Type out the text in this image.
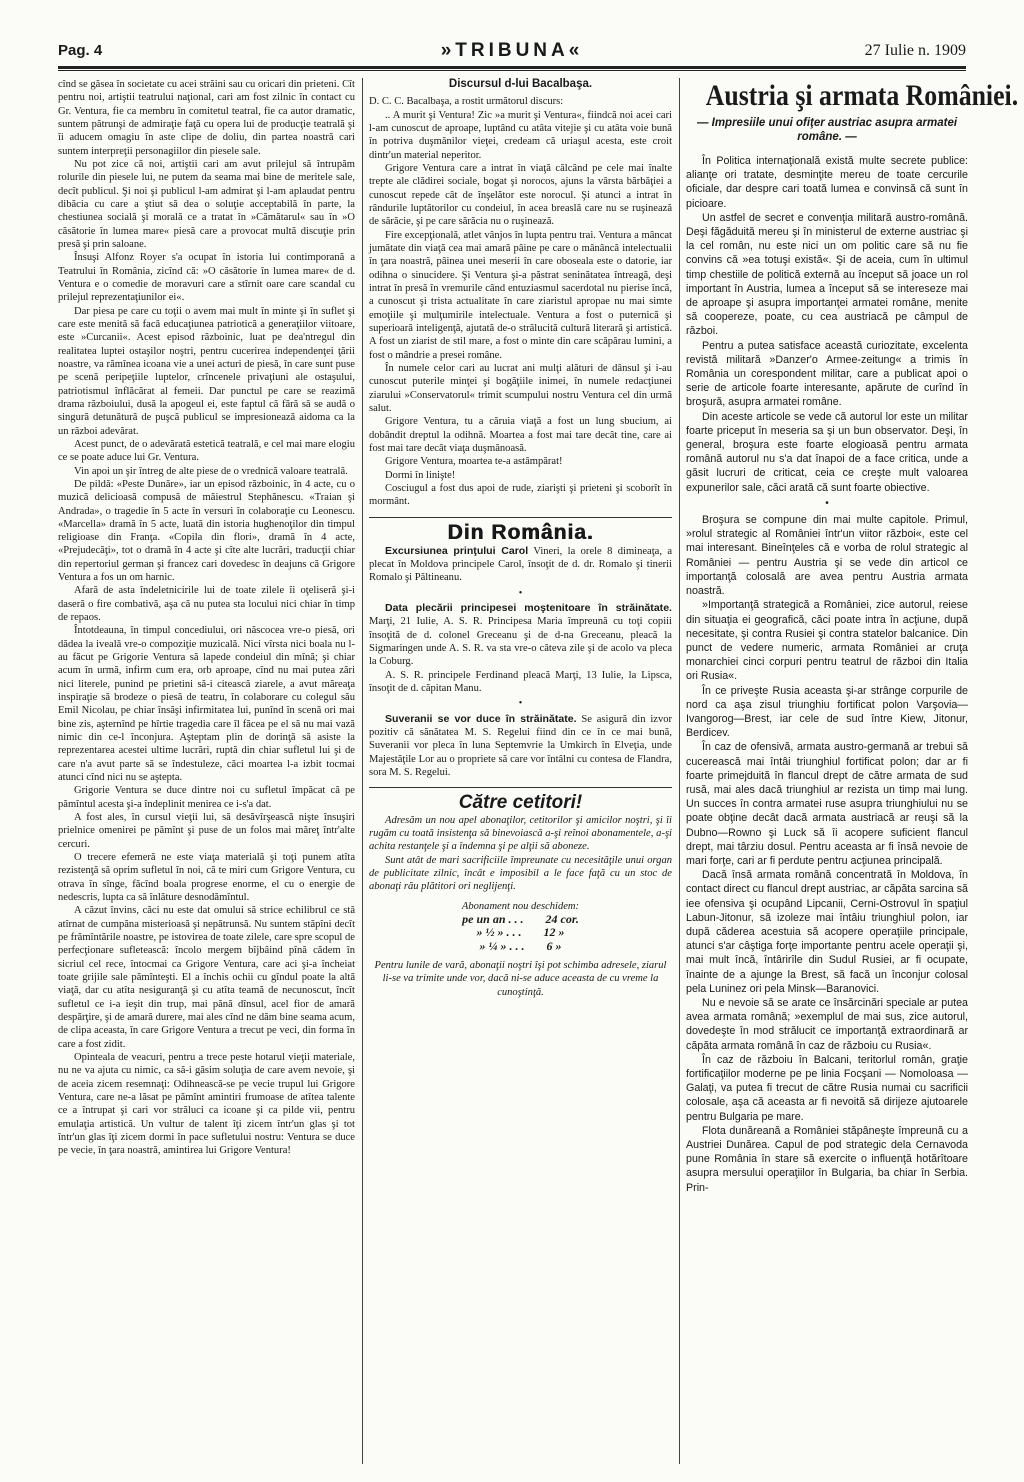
Pag. 4	»TRIBUNA«	27 Iulie n. 1909

cînd se găsea în societate cu acei străini sau cu oricari din prieteni. Cît pentru noi, artiştii teatrului naţional, cari am fost zilnic în contact cu Gr. Ventura, fie ca membru în comitetul teatral, fie ca autor dramatic, suntem pătrunşi de admiraţie faţă cu opera lui de producţie teatrală şi îi aducem omagiu în aste clipe de doliu, din partea noastră cari suntem interpreţii personagiilor din piesele sale.

Nu pot zice că noi, artiştii cari am avut prilejul să întrupăm rolurile din piesele lui, ne putem da seama mai bine de meritele sale, decît publicul. Şi noi şi publicul l-am admirat şi l-am aplaudat pentru dibăcia cu care a ştiut să dea o soluţie acceptabilă în parte, la chestiunea socială şi morală ce a tratat în »Cămătarul« sau în »O căsătorie în lumea mare« piesă care a provocat multă discuţie prin presă şi prin saloane.

Însuşi Alfonz Royer s'a ocupat în istoria lui contimporană a Teatrului în România, zicînd că: »O căsătorie în lumea mare« de d. Ventura e o comedie de moravuri care a stîrnit oare care scandal cu prilejul reprezentaţiunilor ei«.

Dar piesa pe care cu toţii o avem mai mult în minte şi în suflet şi care este menită să facă educaţiunea patriotică a generaţiilor viitoare, este »Curcanii«. Acest episod războinic, luat pe dea'ntregul din realitatea luptei ostaşilor noştri, pentru cucerirea independenţei ţării noastre, va rămînea icoana vie a unei acturi de piesă, în care sunt puse pe scenă peripeţiile luptelor, crîncenele privaţiuni ale ostaşului, patriotismul înflăcărat al femeii. Dar punctul pe care se reazimă drama războiului, dusă la apogeul ei, este faptul că fără să se audă o singură detunătură de puşcă publicul se impresionează aidoma ca la un război adevărat.

Acest punct, de o adevărată estetică teatrală, e cel mai mare elogiu ce se poate aduce lui Gr. Ventura.

Vin apoi un şir întreg de alte piese de o vrednică valoare teatrală.

De pildă: «Peste Dunăre», iar un episod războinic, în 4 acte, cu o muzică delicioasă compusă de măiestrul Stephănescu. «Traian şi Andrada», o tragedie în 5 acte în versuri în colaboraţie cu Leonescu. «Marcella» dramă în 5 acte, luată din istoria hughenoţilor din timpul religioase din Franţa. «Copila din flori», dramă în 4 acte, «Prejudecăţi», tot o dramă în 4 acte şi cîte alte lucrări, traducţii chiar din repertoriul german şi francez cari dovedesc în deajuns că Grigore Ventura a fos un om harnic.

Afară de asta îndeletnicirile lui de toate zilele îi oţeliseră şi-i daseră o fire combativă, aşa că nu putea sta locului nici chiar în timp de repaos.

Întotdeauna, în timpul concediului, ori născocea vre-o piesă, ori dădea la iveală vre-o compoziţie muzicală. Nici vîrsta nici boala nu l-au făcut pe Grigorie Ventura să lapede condeiul din mînă; şi chiar acum în urmă, infirm cum era, orb aproape, cînd nu mai putea zări nici literele, punind pe prietini să-i citească ziarele, a avut măreaţa inspiraţie să brodeze o piesă de teatru, în colaborare cu colegul său Emil Nicolau, pe chiar însăşi infirmitatea lui, punînd în scenă ori mai bine zis, aşternînd pe hîrtie tragedia care îl făcea pe el să nu mai vază nimic din ce-l înconjura. Aşteptam plin de dorinţă să asiste la reprezentarea acestei ultime lucrări, ruptă din chiar sufletul lui şi de care n'a avut parte să se îndestuleze, căci moartea l-a izbit tocmai atunci cînd nici nu se aştepta.

Grigorie Ventura se duce dintre noi cu sufletul împăcat că pe pămîntul acesta şi-a îndeplinit menirea ce i-s'a dat.

A fost ales, în cursul vieţii lui, să desăvîrşească nişte însuşiri prielnice omenirei pe pămînt şi puse de un folos mai măreţ într'alte cercuri.

O trecere efemeră ne este viaţa materială şi toţi punem atîta rezistenţă să oprim sufletul în noi, că te miri cum Grigore Ventura, cu otrava în sînge, făcînd boala progrese enorme, el cu o energie de nedescris, lupta ca să înlăture desnodămîntul.

A căzut învins, căci nu este dat omului să strice echilibrul ce stă atîrnat de cumpăna misterioasă şi nepătrunsă. Nu suntem stăpîni decît pe frămîntările noastre, pe istovirea de toate zilele, care spre scopul de perfecţionare sufletească: încolo mergem bîjbâind pînă cădem în sicriul cel rece, întocmai ca Grigore Ventura, care aci şi-a încheiat toate grijile sale pămînteşti. El a închis ochii cu gîndul poate la altă viaţă, dar cu atîta nesiguranţă şi cu atîta teamă de necunoscut, încît sufletul ce i-a ieşit din trup, mai pănă dînsul, acel fior de amară despărţire, şi de amară durere, mai ales cînd ne dăm bine seama acum, de clipa aceasta, în care Grigore Ventura a trecut pe veci, din forma în care a fost zidit.

Opinteala de veacuri, pentru a trece peste hotarul vieţii materiale, nu ne va ajuta cu nimic, ca să-i găsim soluţia de care avem nevoie, şi de aceia zicem resemnaţi: Odihnească-se pe vecie trupul lui Grigore Ventura, care ne-a lăsat pe pămînt amintiri frumoase de atîtea talente ce a întrupat şi cari vor străluci ca icoane şi ca pilde vii, pentru emulaţia artistică. Un vultur de talent îţi zicem într'un glas şi tot într'un glas îţi zicem dormi în pace sufletului nostru: Ventura se duce pe vecie, în ţara noastră, amintirea lui Grigore Ventura!

Discursul d-lui Bacalbaşa.

D. C. C. Bacalbaşa, a rostit următorul discurs:

.. A murit şi Ventura! Zic »a murit şi Ventura«, fiindcă noi acei cari l-am cunoscut de aproape, luptând cu atâta vitejie şi cu atâta voie bună în potriva duşmănilor vieţei, credeam că uriaşul acesta, este croit dintr'un material neperitor.

Grigore Ventura care a intrat în viaţă călcând pe cele mai înalte trepte ale clădirei sociale, bogat şi norocos, ajuns la vârsta bărbăţiei a cunoscut repede cât de înşelător este norocul. Şi atunci a intrat în rândurile luptătorilor cu condeiul, în acea breaslă care nu se ruşinează de sărăcie, şi pe care sărăcia nu o ruşinează.

Fire excepţională, atlet vânjos în lupta pentru trai. Ventura a mâncat jumătate din viaţă cea mai amară pâine pe care o mânâncă intelectualii în ţara noastră, pâinea unei meserii în care oboseala este o datorie, iar odihna o sinucidere. Şi Ventura şi-a păstrat seninătatea întreagă, deşi intrat în presă în vremurile când entuziasmul sacerdotal nu pierise încă, a cunoscut şi trista actualitate în care ziaristul apropae nu mai simte emoţiile şi mulţumirile intelectuale. Ventura a fost o puternică şi superioară inteligenţă, ajutată de-o strălucită cultură literară şi artistică. A fost un ziarist de stil mare, a fost o minte din care scăpărau lumini, a fost o mândrie a presei române.

În numele celor cari au lucrat ani mulţi alături de dânsul şi i-au cunoscut puterile minţei şi bogăţiile inimei, în numele redacţiunei ziarului »Conservatorul« trimit scumpului nostru Ventura cel din urmă salut.

Grigore Ventura, tu a căruia viaţă a fost un lung sbucium, ai dobândit dreptul la odihnă. Moartea a fost mai tare decât tine, care ai fost mai tare decât viaţa duşmănoasă.

Grigore Ventura, moartea te-a astâmpărat!

Dormi în linişte!

Cosciugul a fost dus apoi de rude, ziarişti şi prieteni şi scoborît în mormânt.

Din România.

Excursiunea prinţului Carol Vineri, la orele 8 dimineaţa, a plecat în Moldova principele Carol, însoţit de d. dr. Romalo şi tinerii Romalo şi Păltineanu.

•

Data plecării principesei moştenitoare în străinătate. Marţi, 21 Iulie, A. S. R. Principesa Maria împreună cu toţi copiii însoţită de d. colonel Greceanu şi de d-na Greceanu, pleacă la Sigmaringen unde A. S. R. va sta vre-o câteva zile şi de acolo va pleca la Coburg.

A. S. R. principele Ferdinand pleacă Marţi, 13 Iulie, la Lipsca, însoţit de d. căpitan Manu.

•

Suveranii se vor duce în străinătate. Se asigură din izvor pozitiv că sănătatea M. S. Regelui fiind din ce în ce mai bună, Suveranii vor pleca în luna Septemvrie la Umkirch în Elveţia, unde Majestăţile Lor au o propriete să care vor întâlni cu contesa de Flandra, sora M. S. Regelui.

Către cetitori!

Adresăm un nou apel abonaţilor, cetitorilor şi amicilor noştri, şi îi rugăm cu toată insistenţa să binevoiască a-şi reînoi abonamentele, a-şi achita restanţele şi a îndemna şi pe alţii să aboneze.

Sunt atât de mari sacrificiile împreunate cu necesităţile unui organ de publicitate zilnic, încât e imposibil a le face faţă cu un stoc de abonaţi rău plătitori ori neglijenţi.

Abonament nou deschidem:

pe un an . . . 24 cor.
» ½ » . . . 12 »
» ¼ » . . . 6 »

Pentru lunile de vară, abonaţii noştri îşi pot schimba adresele, ziarul li-se va trimite unde vor, dacă ni-se aduce aceasta de cu vreme la cunoştinţă.

Austria şi armata României.
— Impresiile unui ofiţer austriac asupra armatei române. —

În Politica internaţională există multe secrete publice: alianţe ori tratate, desminţite mereu de toate cercurile oficiale, dar despre cari toată lumea e convinsă că sunt în picioare.

Un astfel de secret e convenţia militară austro-română. Deşi făgăduită mereu şi în ministerul de externe austriac şi la cel român, nu este nici un om politic care să nu fie convins că »ea totuşi există«. Şi de aceia, cum în ultimul timp chestiile de politică externă au început să joace un rol important în Austria, lumea a început să se intereseze mai de aproape şi asupra importanţei armatei române, menite să coopereze, poate, cu cea austriacă pe câmpul de război.

Pentru a putea satisface această curiozitate, excelenta revistă militară »Danzer'o Armee-zeitung« a trimis în România un corespondent militar, care a publicat apoi o serie de articole foarte interesante, apărute de curînd în broşură, asupra armatei române.

Din aceste articole se vede că autorul lor este un militar foarte priceput în meseria sa şi un bun observator. Deşi, în general, broşura este foarte elogioasă pentru armata română autorul nu s'a dat înapoi de a face critica, unde a găsit lucruri de criticat, ceia ce creşte mult valoarea expunerilor sale, căci arată că sunt foarte obiective.

•

Broşura se compune din mai multe capitole. Primul, »rolul strategic al României într'un viitor război«, este cel mai interesant. Bineînţeles că e vorba de rolul strategic al României — pentru Austria şi se vede din articol ce importanţă colosală are avea pentru Austria armata noastră.

»Importanţă strategică a României, zice autorul, reiese din situaţia ei geografică, căci poate intra în acţiune, după necesitate, şi contra Rusiei şi contra statelor balcanice. Din punct de vedere numeric, armata României ar cruţa monarchiei cinci corpuri pentru teatrul de război din Italia ori Rusia«.

În ce priveşte Rusia aceasta şi-ar strânge corpurile de nord ca aşa zisul triunghiu fortificat polon Varşovia—Ivangorog—Brest, iar cele de sud între Kiew, Jitonur, Berdicev.

În caz de ofensivă, armata austro-germană ar trebui să cucerească mai întâi triunghiul fortificat polon; dar ar fi foarte primejduită în flancul drept de către armata de sud rusă, mai ales dacă triunghiul ar rezista un timp mai lung. Un succes în contra armatei ruse asupra triunghiului nu se poate obţine decât dacă armata austriacă ar reuşi să la Dubno—Rowno şi Luck să îi acopere suficient flancul drept, mai târziu dosul. Pentru aceasta ar fi însă nevoie de mari forţe, cari ar fi perdute pentru acţiunea principală.

Dacă însă armata română concentrată în Moldova, în contact direct cu flancul drept austriac, ar căpăta sarcina să iee ofensiva şi ocupând Lipcanii, Cerni-Ostrovul în spaţiul Labun-Jitonur, să izoleze mai întâiu triunghiul polon, iar după căderea acestuia să acopere operaţiile principale, atunci s'ar câştiga forţe importante pentru acele operaţii şi, mai mult încă, întârirîle din Sudul Rusiei, ar fi ocupate, înainte de a ajunge la Brest, să facă un înconjur colosal pela Luninez ori pela Minsk—Baranovici.

Nu e nevoie să se arate ce însărcinări speciale ar putea avea armata română; »exemplul de mai sus, zice autorul, dovedeşte în mod strălucit ce importanţă extraordinară ar căpăta armata română în caz de războiu cu Rusia«.

În caz de războiu în Balcani, teritorlul român, graţie fortificaţiilor moderne pe pe linia Focşani — Nomoloasa — Galaţi, va putea fi trecut de către Rusia numai cu sacrificii colosale, aşa că aceasta ar fi nevoită să dirijeze ajutoarele pentru Bulgaria pe mare.

Flota dunăreană a României stăpâneşte împreună cu a Austriei Dunărea. Capul de pod strategic dela Cernavoda pune România în stare să exercite o influenţă hotărîtoare asupra mersului operaţiilor în Bulgaria, ba chiar în Serbia. Prin-
